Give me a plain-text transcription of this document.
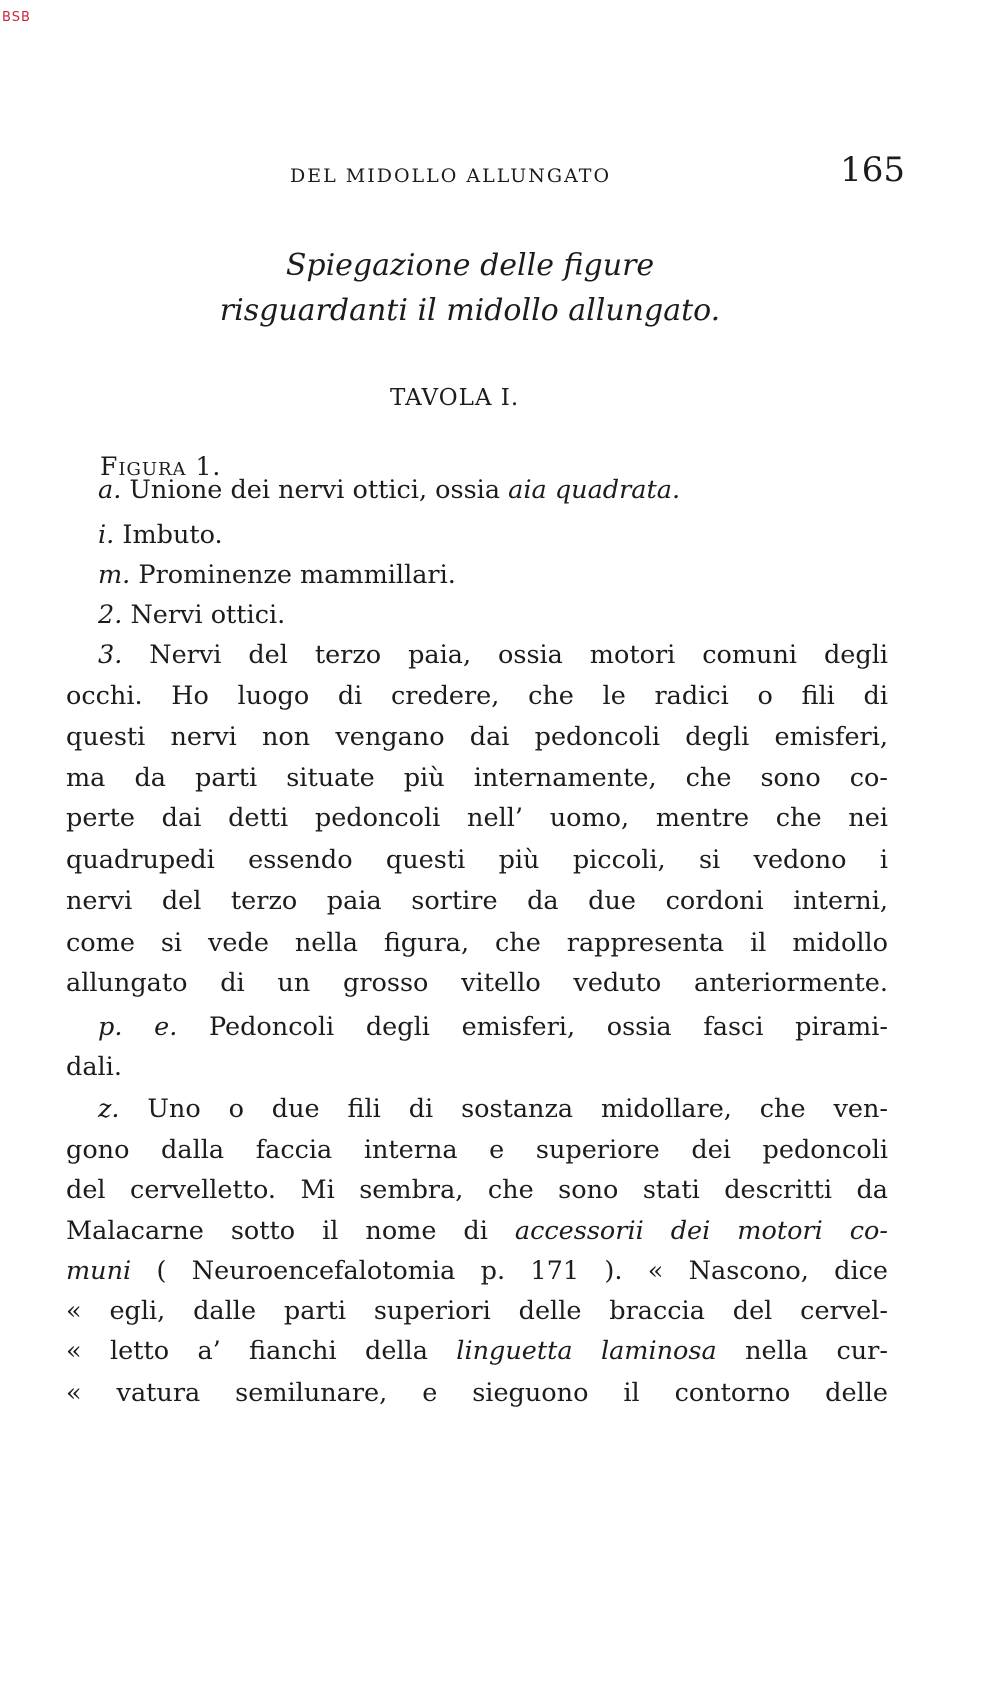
BSB
DEL MIDOLLO ALLUNGATO	165
Spiegazione delle figure
risguardanti il midollo allungato.
TAVOLA I.
Figura 1.
a. Unione dei nervi ottici, ossia aia quadrata.
i. Imbuto.
m. Prominenze mammillari.
2. Nervi ottici.
3. Nervi del terzo paia, ossia motori comuni degli
occhi. Ho luogo di credere, che le radici o fili di
questi nervi non vengano dai pedoncoli degli emisferi,
ma da parti situate più internamente, che sono co-
perte dai detti pedoncoli nell’ uomo, mentre che nei
quadrupedi essendo questi più piccoli, si vedono i
nervi del terzo paia sortire da due cordoni interni,
come si vede nella figura, che rappresenta il midollo
allungato di un grosso vitello veduto anteriormente.
p. e. Pedoncoli degli emisferi, ossia fasci pirami-
dali.
z. Uno o due fili di sostanza midollare, che ven-
gono dalla faccia interna e superiore dei pedoncoli
del cervelletto. Mi sembra, che sono stati descritti da
Malacarne sotto il nome di accessorii dei motori co-
muni ( Neuroencefalotomia p. 171 ). « Nascono, dice
« egli, dalle parti superiori delle braccia del cervel-
« letto a’ fianchi della linguetta laminosa nella cur-
« vatura semilunare, e sieguono il contorno delle
